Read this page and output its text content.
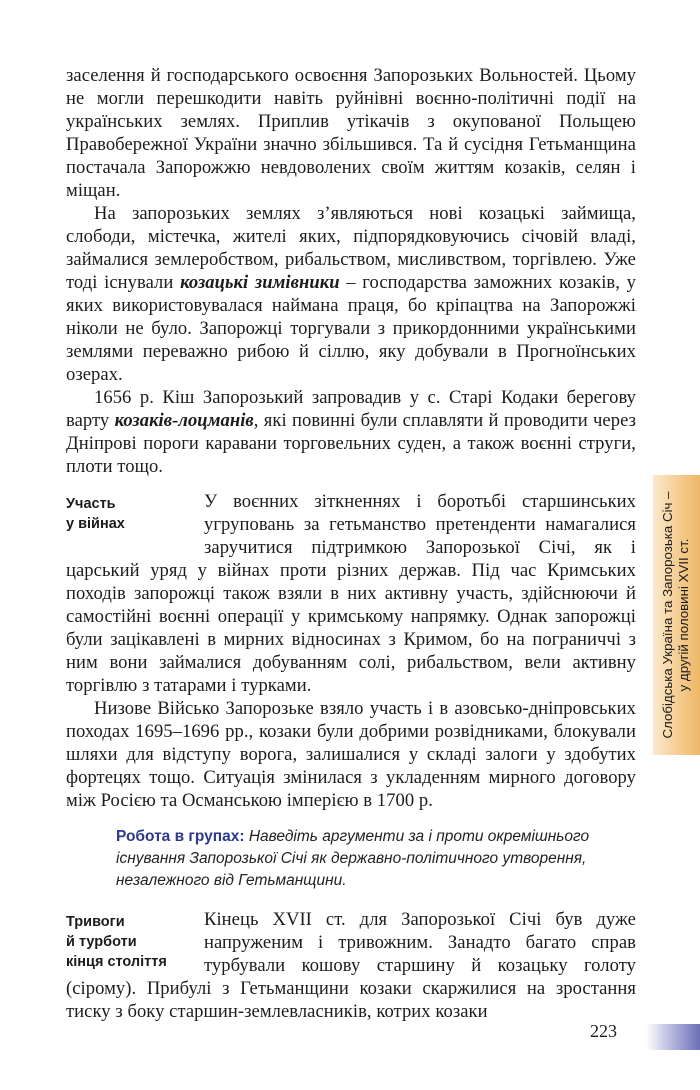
заселення й господарського освоєння Запорозьких Вольностей. Цьому не могли перешкодити навіть руйнівні воєнно-політичні події на українських землях. Приплив утікачів з окупованої Польщею Правобережної України значно збільшився. Та й сусідня Гетьманщина постачала Запорожжю невдоволених своїм життям козаків, селян і міщан.

На запорозьких землях з’являються нові козацькі займища, слободи, містечка, жителі яких, підпорядковуючись січовій владі, займалися землеробством, рибальством, мисливством, торгівлею. Уже тоді існували козацькі зимівники – господарства заможних козаків, у яких використовувалася наймана праця, бо кріпацтва на Запорожжі ніколи не було. Запорожці торгували з прикордонними українськими землями переважно рибою й сіллю, яку добували в Прогноїнських озерах.

1656 р. Кіш Запорозький запровадив у с. Старі Кодаки берегову варту козаків-лоцманів, які повинні були сплавляти й проводити через Дніпрові пороги каравани торговельних суден, а також воєнні струги, плоти тощо.

Участь
у війнах

У воєнних зіткненнях і боротьбі старшинських угруповань за гетьманство претенденти намагалися заручитися підтримкою Запорозької Січі, як і царський уряд у війнах проти різних держав. Під час Кримських походів запорожці також взяли в них активну участь, здійснюючи й самостійні воєнні операції у кримському напрямку. Однак запорожці були зацікавлені в мирних відносинах з Кримом, бо на пограниччі з ним вони займалися добуванням солі, рибальством, вели активну торгівлю з татарами і турками.

Низове Військо Запорозьке взяло участь і в азовсько-дніпровських походах 1695–1696 рр., козаки були добрими розвідниками, блокували шляхи для відступу ворога, залишалися у складі залоги у здобутих фортецях тощо. Ситуація змінилася з укладенням мирного договору між Росією та Османською імперією в 1700 р.

Робота в групах: Наведіть аргументи за і проти окремішнього існування Запорозької Січі як державно-політичного утворення, незалежного від Гетьманщини.
Тривоги
й турботи
кінця століття

Кінець XVII ст. для Запорозької Січі був дуже напруженим і тривожним. Занадто багато справ турбували кошову старшину й козацьку голоту (сірому). Прибулі з Гетьманщини козаки скаржилися на зростання тиску з боку старшин-землевласників, котрих козаки

Слобідська Україна та Запорозька Січ – у другій половині XVII ст.
223
